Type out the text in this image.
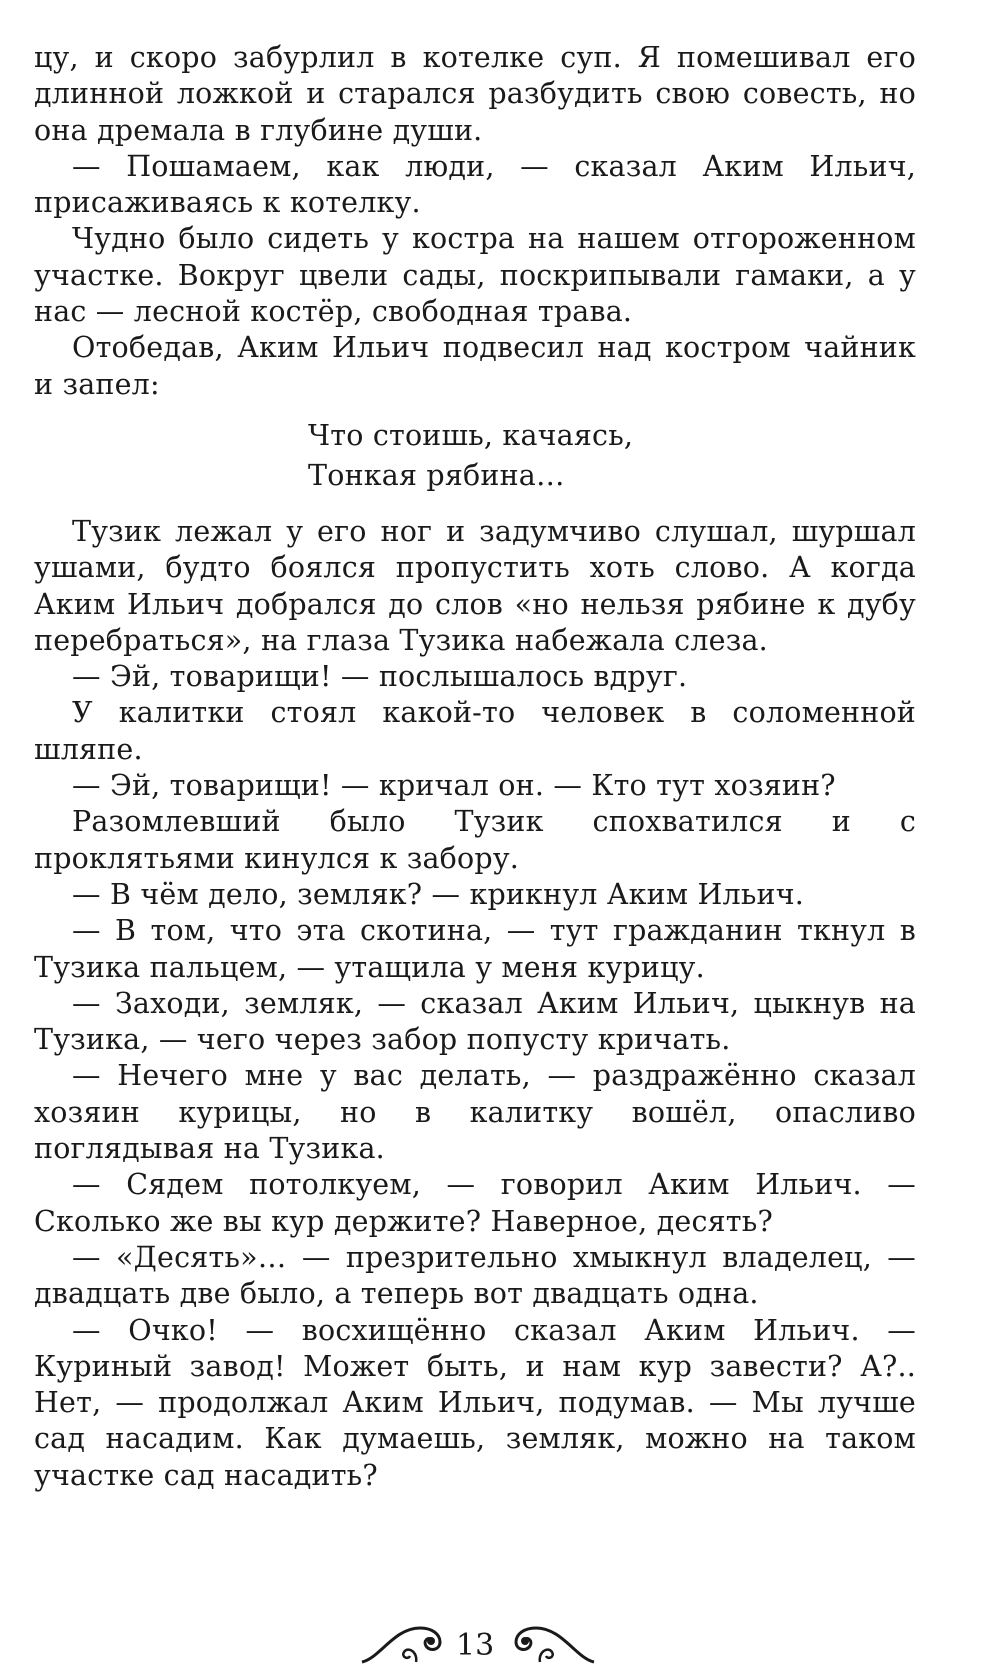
цу, и скоро забурлил в котелке суп. Я помешивал его длинной ложкой и старался разбудить свою совесть, но она дремала в глубине души.

— Пошамаем, как люди, — сказал Аким Ильич, присаживаясь к котелку.

Чудно было сидеть у костра на нашем отгороженном участке. Вокруг цвели сады, поскрипывали гамаки, а у нас — лесной костёр, свободная трава.

Отобедав, Аким Ильич подвесил над костром чайник и запел:

Что стоишь, качаясь,
Тонкая рябина…

Тузик лежал у его ног и задумчиво слушал, шуршал ушами, будто боялся пропустить хоть слово. А когда Аким Ильич добрался до слов «но нельзя рябине к дубу перебраться», на глаза Тузика набежала слеза.

— Эй, товарищи! — послышалось вдруг.

У калитки стоял какой-то человек в соломенной шляпе.

— Эй, товарищи! — кричал он. — Кто тут хозяин?

Разомлевший было Тузик спохватился и с проклятьями кинулся к забору.

— В чём дело, земляк? — крикнул Аким Ильич.

— В том, что эта скотина, — тут гражданин ткнул в Тузика пальцем, — утащила у меня курицу.

— Заходи, земляк, — сказал Аким Ильич, цыкнув на Тузика, — чего через забор попусту кричать.

— Нечего мне у вас делать, — раздражённо сказал хозяин курицы, но в калитку вошёл, опасливо поглядывая на Тузика.

— Сядем потолкуем, — говорил Аким Ильич. — Сколько же вы кур держите? Наверное, десять?

— «Десять»… — презрительно хмыкнул владелец, — двадцать две было, а теперь вот двадцать одна.

— Очко! — восхищённо сказал Аким Ильич. — Куриный завод! Может быть, и нам кур завести? А?.. Нет, — продолжал Аким Ильич, подумав. — Мы лучше сад насадим. Как думаешь, земляк, можно на таком участке сад насадить?

13
